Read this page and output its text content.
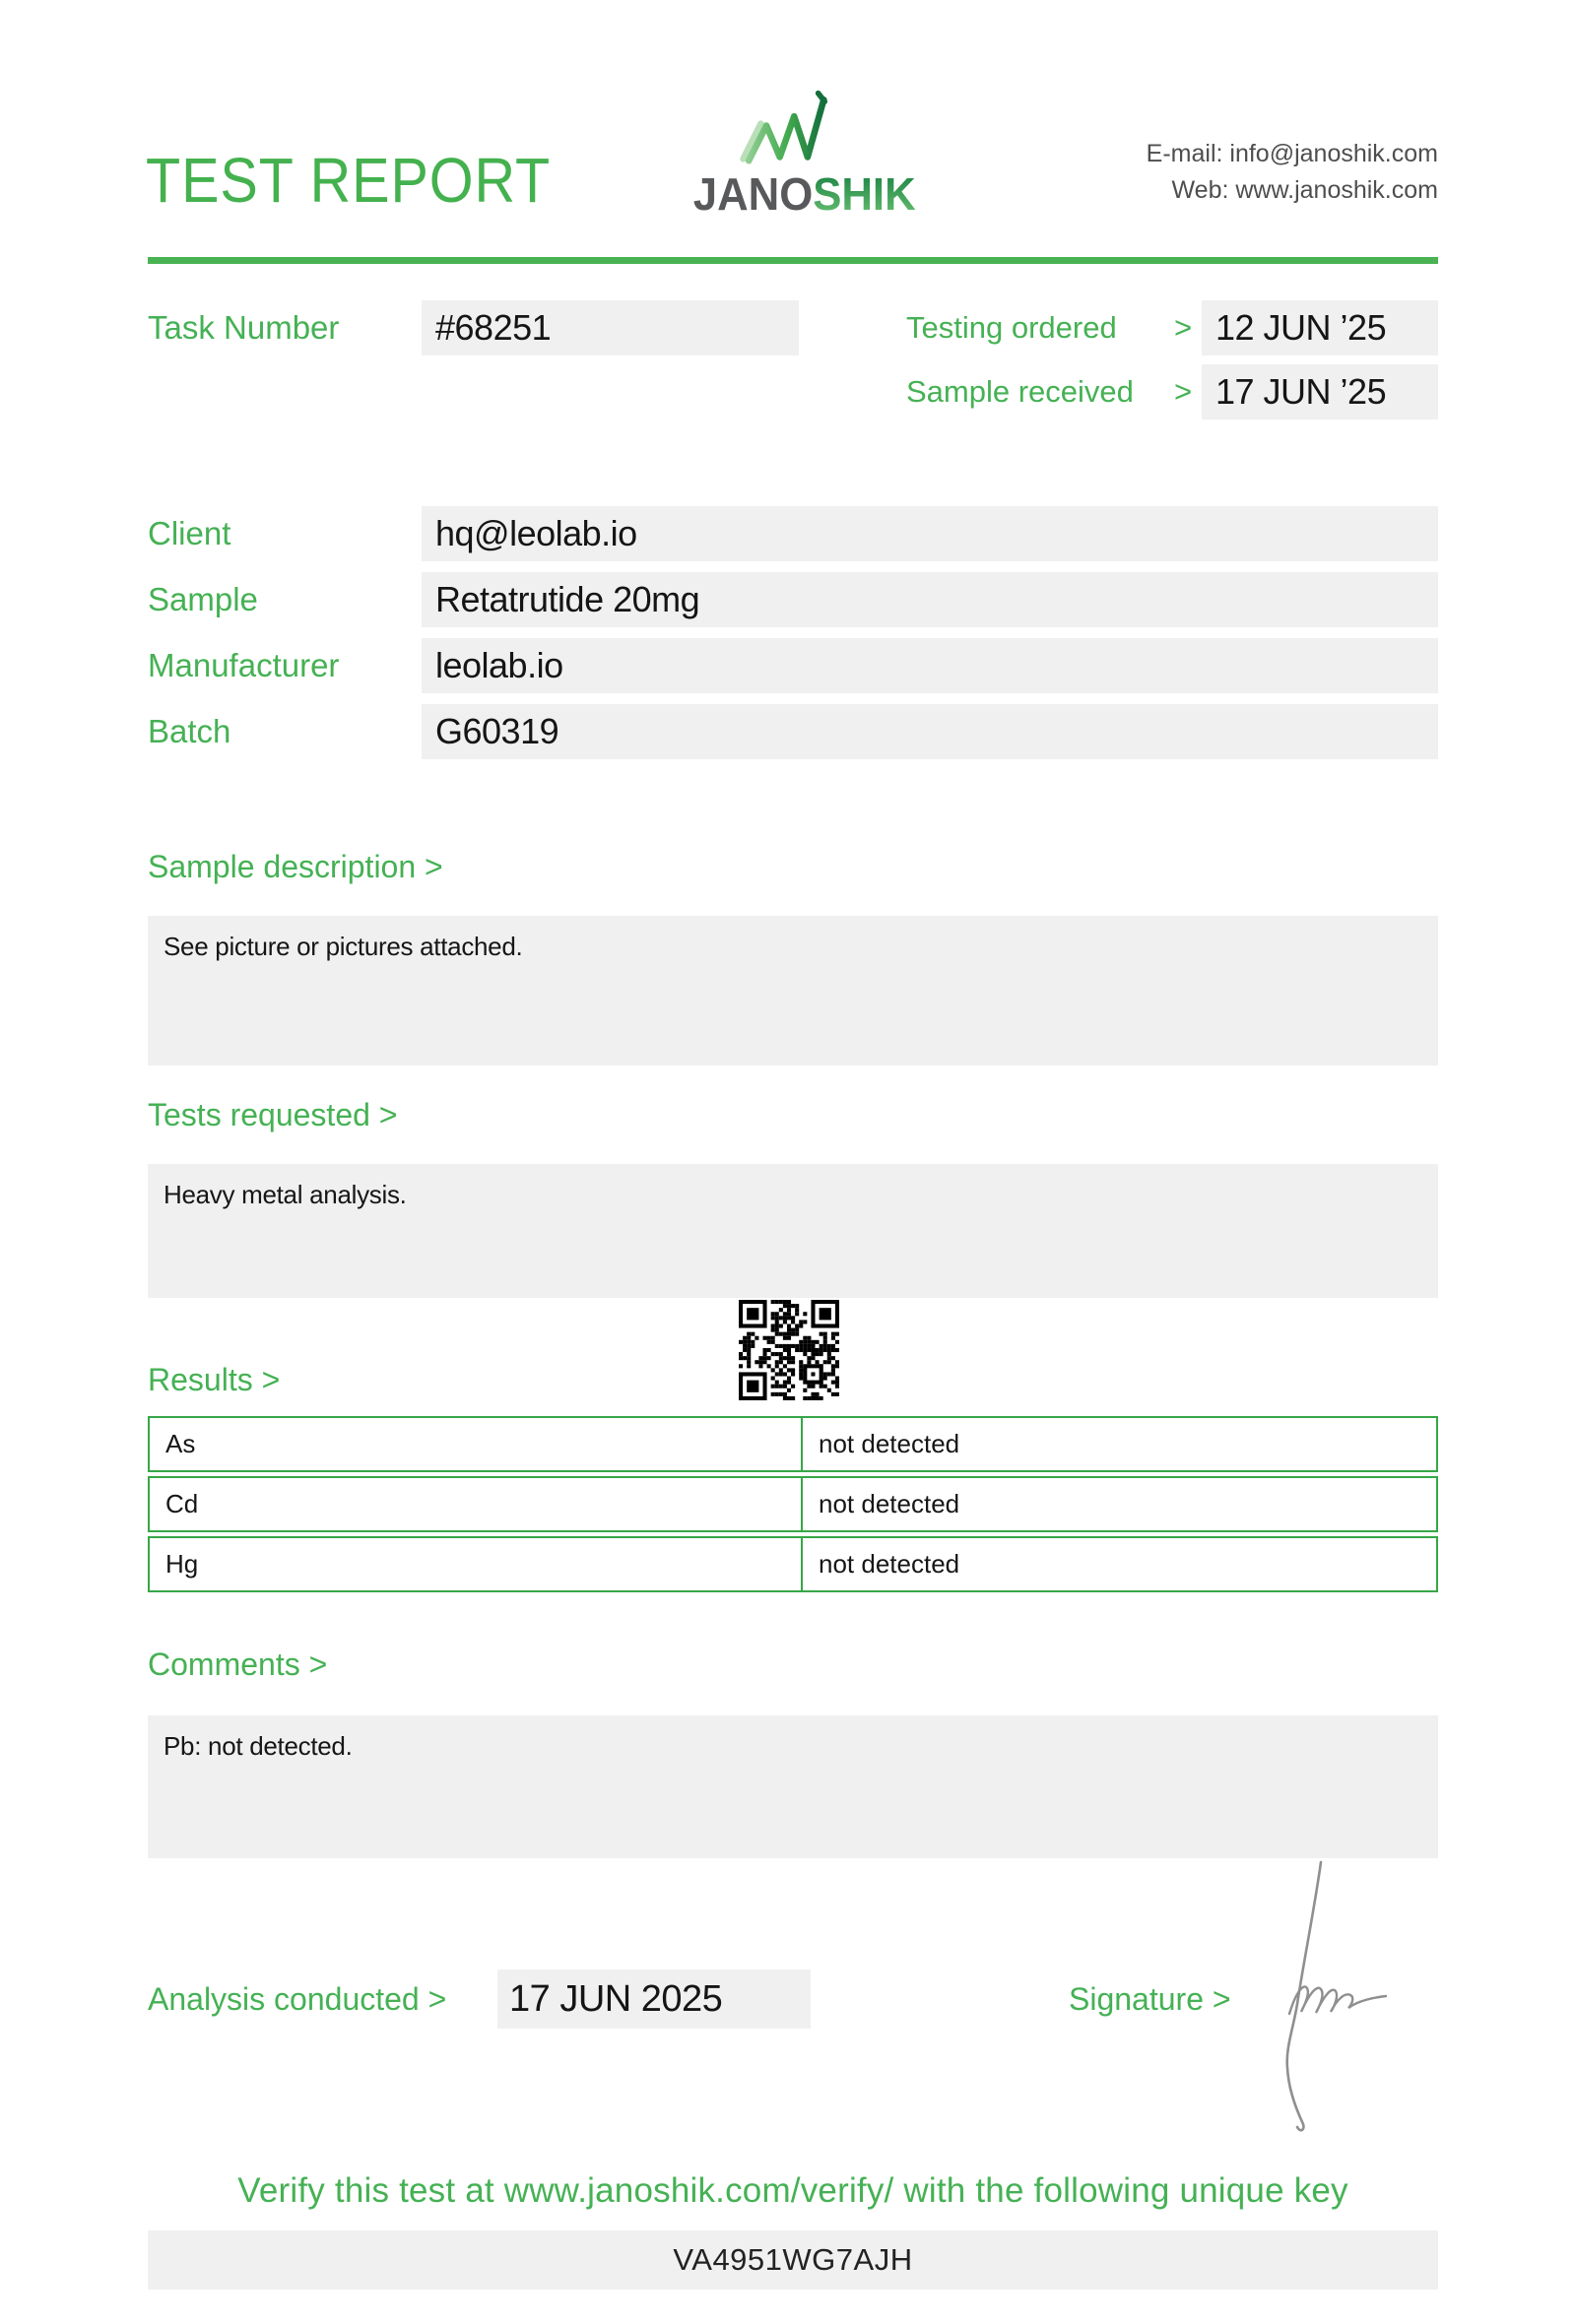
TEST REPORT	JANOSHIK
E-mail: info@janoshik.com
Web: www.janoshik.com
Task Number	#68251	Testing ordered	> 12 JUN ’25
Sample received	> 17 JUN ’25
Client	hq@leolab.io
Sample	Retatrutide 20mg
Manufacturer	leolab.io
Batch	G60319
Sample description >
See picture or pictures attached.
Tests requested >
Heavy metal analysis.
Results >
As	not detected
Cd	not detected
Hg	not detected
Comments >
Pb: not detected.
Analysis conducted >	17 JUN 2025	Signature >
Verify this test at www.janoshik.com/verify/ with the following unique key
VA4951WG7AJH
